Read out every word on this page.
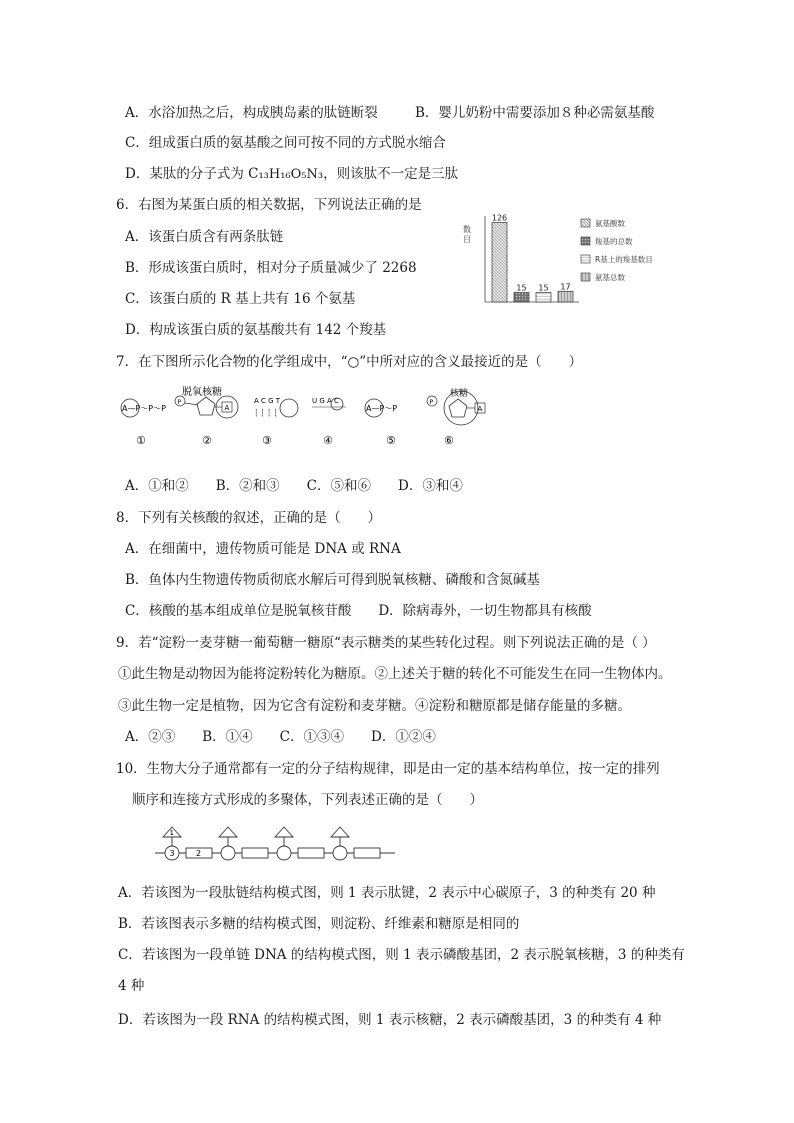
A．水浴加热之后，构成胰岛素的肽链断裂	B．婴儿奶粉中需要添加８种必需氨基酸
C．组成蛋白质的氨基酸之间可按不同的方式脱水缩合
D．某肽的分子式为 C₁₃H₁₆O₅N₃，则该肽不一定是三肽
6．右图为某蛋白质的相关数据，下列说法正确的是
A．该蛋白质含有两条肽链
B．形成该蛋白质时，相对分子质量减少了 2268
C．该蛋白质的 R 基上共有 16 个氨基
D．构成该蛋白质的氨基酸共有 142 个羧基
数目
126
15 15 17
氨基酸数
羧基的总数
R基上的羧基数目
氨基总数
7．在下图所示化合物的化学组成中，“○”中所对应的含义最接近的是（　　）
A—P～P～P
①
脱氧核糖
P
A
②
A C G T
┆ ┆ ┆ ┆
③
U G A C
④
A—P～P
⑤
P
核糖
A
⑥
A．①和②　　B．②和③　　C．⑤和⑥　　D．③和④
8．下列有关核酸的叙述，正确的是（　　）
A．在细菌中，遗传物质可能是 DNA 或 RNA
B．鱼体内生物遗传物质彻底水解后可得到脱氧核糖、磷酸和含氮碱基
C．核酸的基本组成单位是脱氧核苷酸　　D．除病毒外，一切生物都具有核酸
9．若“淀粉一麦芽糖一葡萄糖一糖原“表示糖类的某些转化过程。则下列说法正确的是（ ）
①此生物是动物因为能将淀粉转化为糖原。②上述关于糖的转化不可能发生在同一生物体内。
③此生物一定是植物，因为它含有淀粉和麦芽糖。④淀粉和糖原都是储存能量的多糖。
A．②③　　B．①④　　C．①③④　　D．①②④
10．生物大分子通常都有一定的分子结构规律，即是由一定的基本结构单位，按一定的排列
顺序和连接方式形成的多聚体，下列表述正确的是（　　）
3	2
1
A．若该图为一段肽链结构模式图，则 1 表示肽键，2 表示中心碳原子，3 的种类有 20 种
B．若该图表示多糖的结构模式图，则淀粉、纤维素和糖原是相同的
C．若该图为一段单链 DNA 的结构模式图，则 1 表示磷酸基团，2 表示脱氧核糖，3 的种类有
4 种
D．若该图为一段 RNA 的结构模式图，则 1 表示核糖，2 表示磷酸基团，3 的种类有 4 种
